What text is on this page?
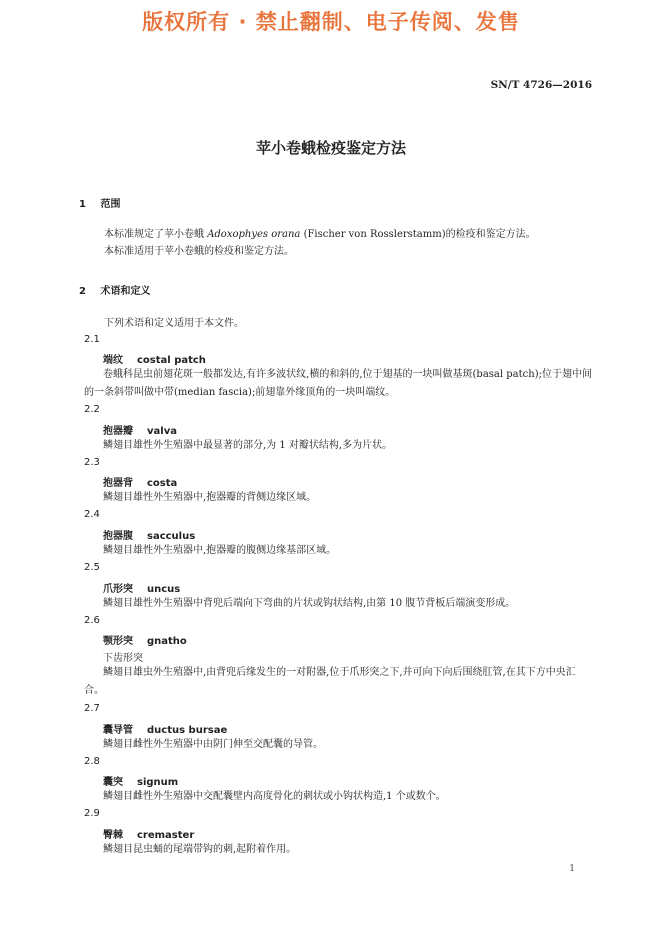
版权所有 · 禁止翻制、电子传阅、发售
SN/T 4726—2016
苹小卷蛾检疫鉴定方法
1 范围
本标准规定了苹小卷蛾 Adoxophyes orana (Fischer von Rosslerstamm)的检疫和鉴定方法。
本标准适用于苹小卷蛾的检疫和鉴定方法。
2 术语和定义
下列术语和定义适用于本文件。
2.1
端纹 costal patch
卷蛾科昆虫前翅花斑一般都发达,有许多波状纹,横的和斜的,位于翅基的一块叫做基斑(basal patch);位于翅中间的一条斜带叫做中带(median fascia);前翅靠外缘顶角的一块叫端纹。
2.2
抱器瓣 valva
鳞翅目雄性外生殖器中最显著的部分,为 1 对瓣状结构,多为片状。
2.3
抱器背 costa
鳞翅目雄性外生殖器中,抱器瓣的背侧边缘区域。
2.4
抱器腹 sacculus
鳞翅目雄性外生殖器中,抱器瓣的腹侧边缘基部区域。
2.5
爪形突 uncus
鳞翅目雄性外生殖器中背兜后端向下弯曲的片状或钩状结构,由第 10 腹节背板后端演变形成。
2.6
颚形突 gnatho
下齿形突
鳞翅目雄虫外生殖器中,由背兜后缘发生的一对附器,位于爪形突之下,并可向下向后围绕肛管,在其下方中央汇合。
2.7
囊导管 ductus bursae
鳞翅目雌性外生殖器中由阴门伸至交配囊的导管。
2.8
囊突 signum
鳞翅目雌性外生殖器中交配囊壁内高度骨化的刺状或小钩状构造,1 个或数个。
2.9
臀棘 cremaster
鳞翅目昆虫蛹的尾端带钩的刺,起附着作用。
1
